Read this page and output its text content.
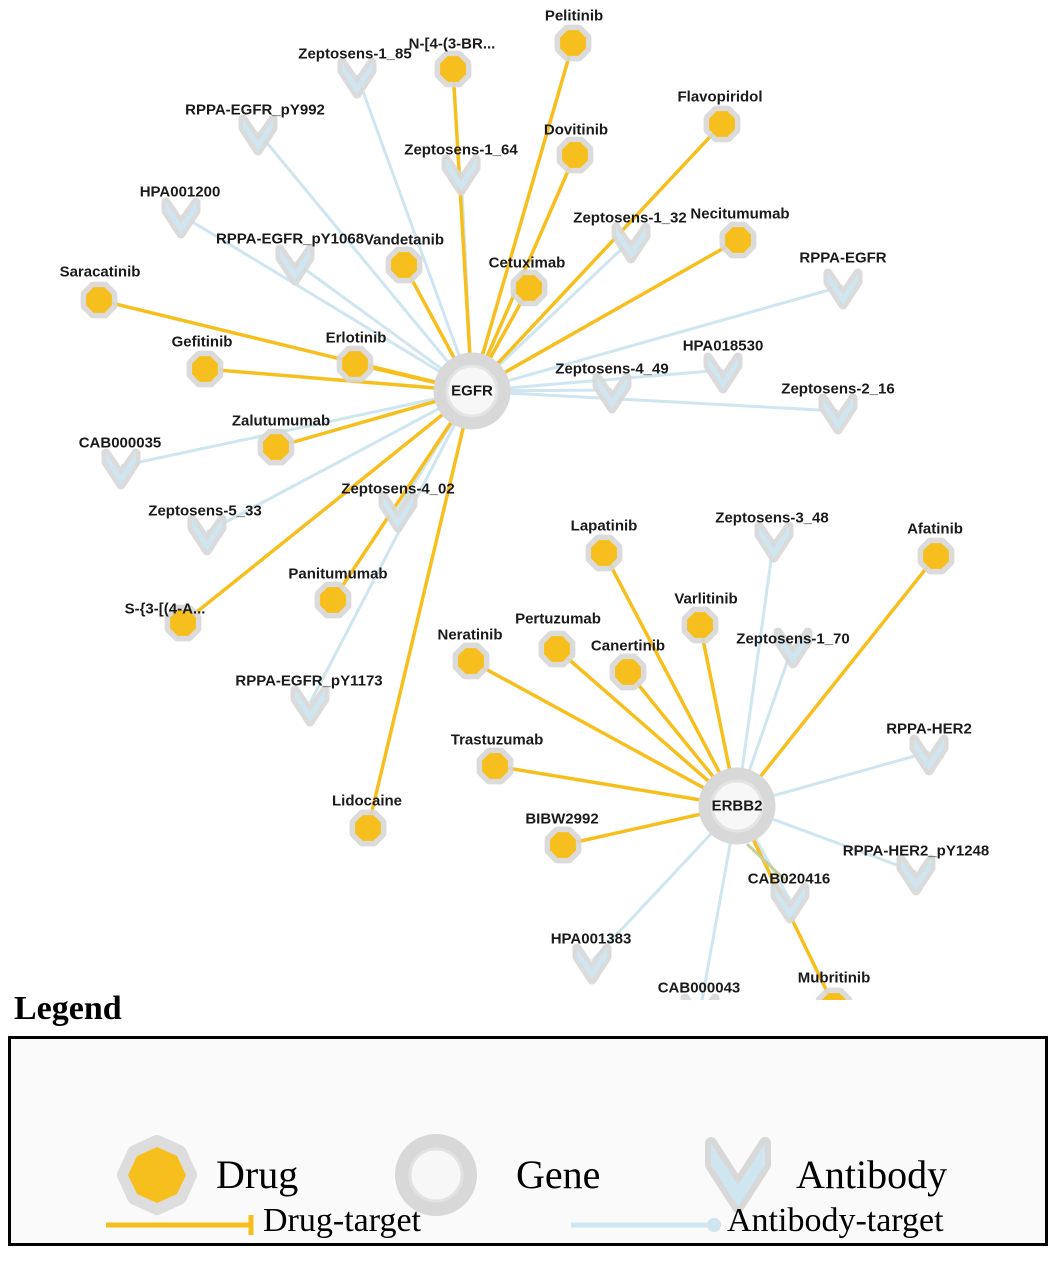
Zeptosens-1_85
RPPA-EGFR_pY992
Zeptosens-1_64
HPA001200
Zeptosens-1_32
RPPA-EGFR_pY1068
RPPA-EGFR
HPA018530
Zeptosens-4_49
Zeptosens-2_16
CAB000035
Zeptosens-5_33
Zeptosens-4_02
Zeptosens-3_48
Zeptosens-1_70
RPPA-EGFR_pY1173
RPPA-HER2
RPPA-HER2_pY1248
CAB020416
HPA001383
CAB000043
Pelitinib
N-[4-(3-BR...
Flavopiridol
Dovitinib
Necitumumab
Vandetanib
Cetuximab
Saracatinib
Gefitinib	Erlotinib
Zalutumumab
Lapatinib	Afatinib
Panitumumab
Varlitinib
S-{3-[(4-A...
Pertuzumab
Neratinib
Canertinib
Trastuzumab
Lidocaine
BIBW2992
Mubritinib
EGFR
ERBB2
Legend
Drug	Gene	Antibody
Drug-target	Antibody-target
